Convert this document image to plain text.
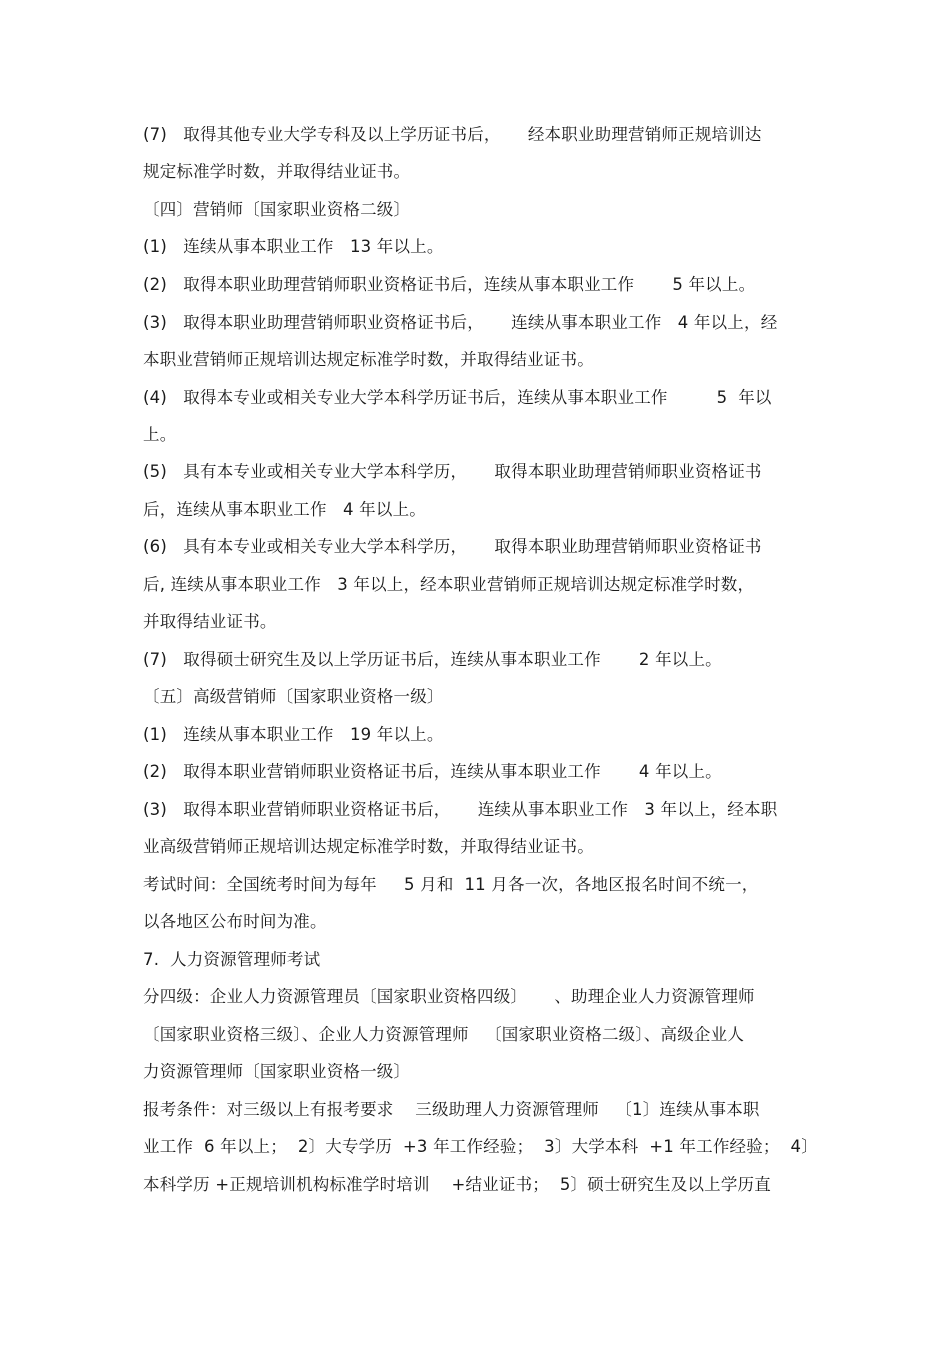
(7)   取得其他专业大学专科及以上学历证书后，     经本职业助理营销师正规培训达
规定标准学时数，并取得结业证书。
〔四〕营销师〔国家职业资格二级〕
(1)   连续从事本职业工作   13 年以上。
(2)   取得本职业助理营销师职业资格证书后，连续从事本职业工作       5 年以上。
(3)   取得本职业助理营销师职业资格证书后，     连续从事本职业工作   4 年以上，经
本职业营销师正规培训达规定标准学时数，并取得结业证书。
(4)   取得本专业或相关专业大学本科学历证书后，连续从事本职业工作         5  年以
上。
(5)   具有本专业或相关专业大学本科学历，     取得本职业助理营销师职业资格证书
后，连续从事本职业工作   4 年以上。
(6)   具有本专业或相关专业大学本科学历，     取得本职业助理营销师职业资格证书
后, 连续从事本职业工作   3 年以上，经本职业营销师正规培训达规定标准学时数，
并取得结业证书。
(7)   取得硕士研究生及以上学历证书后，连续从事本职业工作       2 年以上。
〔五〕高级营销师〔国家职业资格一级〕
(1)   连续从事本职业工作   19 年以上。
(2)   取得本职业营销师职业资格证书后，连续从事本职业工作       4 年以上。
(3)   取得本职业营销师职业资格证书后，     连续从事本职业工作   3 年以上，经本职
业高级营销师正规培训达规定标准学时数，并取得结业证书。
考试时间：全国统考时间为每年     5 月和  11 月各一次，各地区报名时间不统一，
以各地区公布时间为准。
7.  人力资源管理师考试
分四级：企业人力资源管理员〔国家职业资格四级〕     、助理企业人力资源管理师
〔国家职业资格三级〕、企业人力资源管理师   〔国家职业资格二级〕、高级企业人
力资源管理师〔国家职业资格一级〕
报考条件：对三级以上有报考要求    三级助理人力资源管理师   〔1〕连续从事本职
业工作  6 年以上；  2〕大专学历  +3 年工作经验；  3〕大学本科  +1 年工作经验；  4〕
本科学历 +正规培训机构标准学时培训    +结业证书；  5〕硕士研究生及以上学历直
